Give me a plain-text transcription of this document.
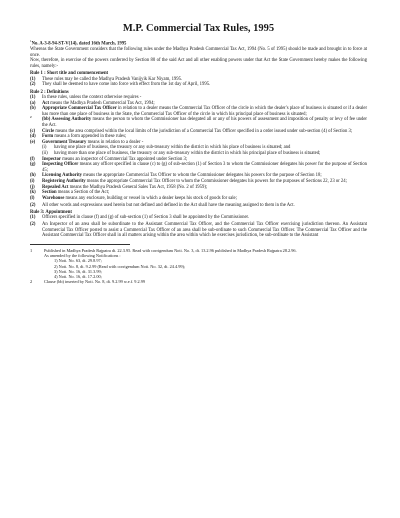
M.P. Commercial Tax Rules, 1995

$^1$No. A-3-8-94-ST-V(14), dated 16th March, 1995

Whereas the State Government considers that the following rules under the Madhya Pradesh Commercial Tax Act, 1994 (No. 5 of 1995) should be made and brought in to force at once.

Now, therefore, in exercise of the powers conferred by Section 80 of the said Act and all other enabling powers under that Act the State Government hereby makes the following rules, namely:-

Rule 1 : Short title and commencement
(1)	These rules may be called the Madhya Pradesh Vanijyik Kar Niyam, 1995.
(2)	They shall be deemed to have come into force with effect from the 1st day of April, 1995.
Rule 2 : Definitions
(1)	In these rules, unless the context otherwise requires -
(a)	Act means the Madhya Pradesh Commercial Tax Act, 1994;
(b)	Appropriate Commercial Tax Officer in relation to a dealer means the Commercial Tax Officer of the circle in which the dealer's place of business is situated or if a dealer has more than one place of business in the State, the Commercial Tax Officer of the circle in which his principal place of business is situated;
$^2$	(bb) Assessing Authority means the person to whom the Commissioner has delegated all or any of his powers of assessment and imposition of penalty or levy of fee under the Act.
(c)	Circle means the area comprised within the local limits of the jurisdiction of a Commercial Tax Officer specified in a order issued under sub-section (4) of Section 3;
(d)	Form means a form appended in these rules;
(e)	Government Treasury means in relation to a dealer -
(i)	having one place of business, the treasury or any sub-treasury within the district in which his place of business is situated; and
(ii)	having more than one place of business, the treasury or any sub-treasury within the district in which his principal place of business is situated;
(f)	Inspector means an inspector of Commercial Tax appointed under Section 3;
(g)	Inspecting Officer means any officer specified in clause (c) to (g) of sub-section (1) of Section 3 to whom the Commissioner delegates his power for the purpose of Section 45;
(h)	Licensing Authority means the appropriate Commercial Tax Officer to whom the Commissioner delegates his powers for the purpose of Section 18;
(i)	Registering Authority means the appropriate Commercial Tax Officer to whom the Commissioner delegates his powers for the purposes of Sections 22, 23 or 24;
(j)	Repealed Act means the Madhya Pradesh General Sales Tax Act, 1958 (No. 2 of 1959);
(k)	Section means a Section of the Act;
(l)	Warehouse means any enclosure, building or vessel in which a dealer keeps his stock of goods for sale;
(2)	All other words and expressions used herein but not defined and defined in the Act shall have the meaning assigned to them in the Act.
Rule 3: Appointment
(1)	Officers specified in clause (f) and (g) of sub-section (1) of Section 3 shall be appointed by the Commissioner.
(2)	An Inspector of an area shall be subordinate to the Assistant Commercial Tax Officer, and the Commercial Tax Officer exercising jurisdiction thereon. An Assistant Commercial Tax Officer posted to assist a Commercial Tax Officer of an area shall be sub-ordinate to such Commercial Tax Officer. The Commercial Tax Officer and the Assistant Commercial Tax Officer shall in all matters arising within the area within which he exercises jurisdiction, be sub-ordinate to the Assistant
1	Published in Madhya Pradesh Rajpatra dt. 22.3.95. Read with corrigendum Noti. No. 3, dt. 13.2.96 published in Madhya Pradesh Rajpatra 28.2.96.
As amended by the following Notifications :
1) Noti. No. 63, dt. 29.8.97;
2) Noti. No. 8, dt. 9.2.99 (Read with corrigendum Noti. No. 32, dt. 24.4.99);
3) Noti. No. 16, dt. 31.3.99;
4) Noti. No. 16, dt. 17.2.00;
2	Clause (bb) inserted by Noti. No. 8, dt. 9.2.99 w.e.f. 9.2.99
